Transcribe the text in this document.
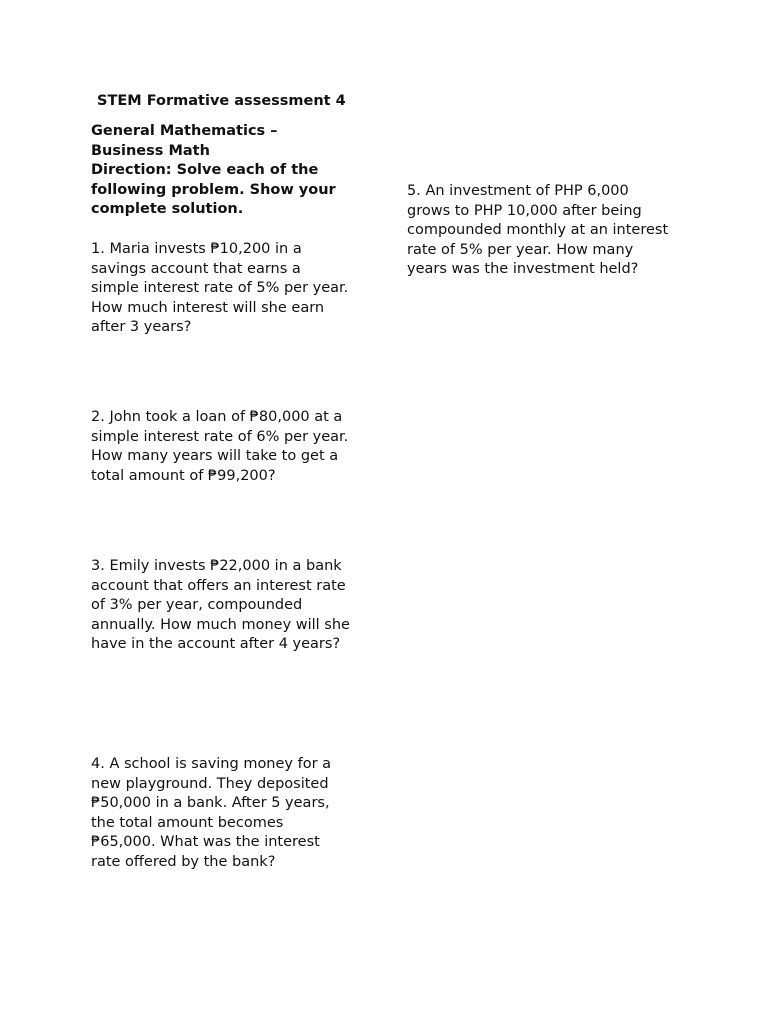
STEM Formative assessment 4
General Mathematics –
Business Math
Direction: Solve each of the
following problem. Show your
complete solution.
1. Maria invests ₱10,200 in a
savings account that earns a
simple interest rate of 5% per year.
How much interest will she earn
after 3 years?
2. John took a loan of ₱80,000 at a
simple interest rate of 6% per year.
How many years will take to get a
total amount of ₱99,200?
3. Emily invests ₱22,000 in a bank
account that offers an interest rate
of 3% per year, compounded
annually. How much money will she
have in the account after 4 years?
4. A school is saving money for a
new playground. They deposited
₱50,000 in a bank. After 5 years,
the total amount becomes
₱65,000. What was the interest
rate offered by the bank?
5. An investment of PHP 6,000
grows to PHP 10,000 after being
compounded monthly at an interest
rate of 5% per year. How many
years was the investment held?
